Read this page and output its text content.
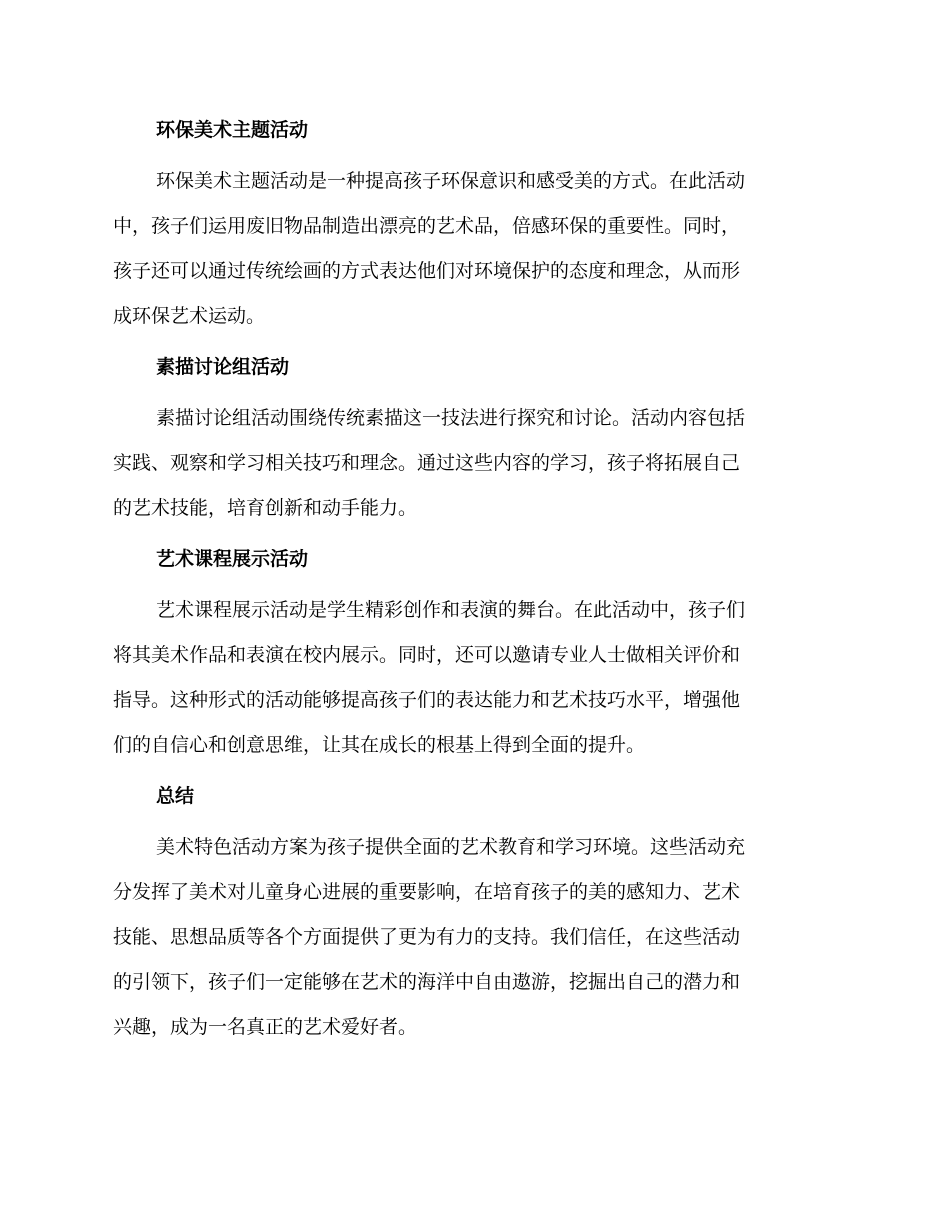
环保美术主题活动
环保美术主题活动是一种提高孩子环保意识和感受美的方式。在此活动
中，孩子们运用废旧物品制造出漂亮的艺术品，倍感环保的重要性。同时，
孩子还可以通过传统绘画的方式表达他们对环境保护的态度和理念，从而形
成环保艺术运动。
素描讨论组活动
素描讨论组活动围绕传统素描这一技法进行探究和讨论。活动内容包括
实践、观察和学习相关技巧和理念。通过这些内容的学习，孩子将拓展自己
的艺术技能，培育创新和动手能力。
艺术课程展示活动
艺术课程展示活动是学生精彩创作和表演的舞台。在此活动中，孩子们
将其美术作品和表演在校内展示。同时，还可以邀请专业人士做相关评价和
指导。这种形式的活动能够提高孩子们的表达能力和艺术技巧水平，增强他
们的自信心和创意思维，让其在成长的根基上得到全面的提升。
总结
美术特色活动方案为孩子提供全面的艺术教育和学习环境。这些活动充
分发挥了美术对儿童身心进展的重要影响，在培育孩子的美的感知力、艺术
技能、思想品质等各个方面提供了更为有力的支持。我们信任，在这些活动
的引领下，孩子们一定能够在艺术的海洋中自由遨游，挖掘出自己的潜力和
兴趣，成为一名真正的艺术爱好者。
